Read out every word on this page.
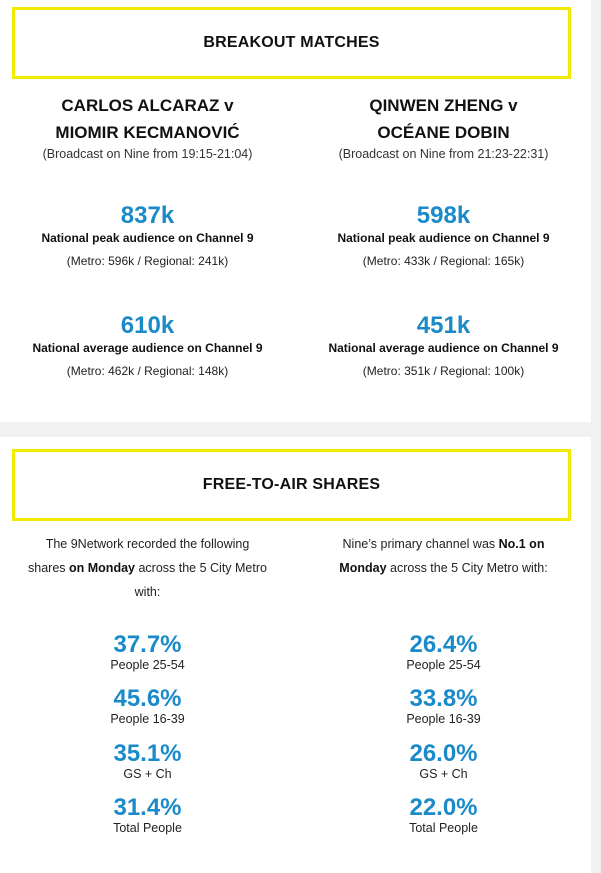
BREAKOUT MATCHES
CARLOS ALCARAZ v
MIOMIR KECMANOVIĆ
(Broadcast on Nine from 19:15-21:04)
837k
National peak audience on Channel 9
(Metro: 596k / Regional: 241k)
610k
National average audience on Channel 9
(Metro: 462k / Regional: 148k)
QINWEN ZHENG v
OCÉANE DOBIN
(Broadcast on Nine from 21:23-22:31)
598k
National peak audience on Channel 9
(Metro: 433k / Regional: 165k)
451k
National average audience on Channel 9
(Metro: 351k / Regional: 100k)
FREE-TO-AIR SHARES
The 9Network recorded the following
shares on Monday across the 5 City Metro
with:
Nine’s primary channel was No.1 on
Monday across the 5 City Metro with:
37.7%
People 25-54
45.6%
People 16-39
35.1%
GS + Ch
31.4%
Total People
26.4%
People 25-54
33.8%
People 16-39
26.0%
GS + Ch
22.0%
Total People
